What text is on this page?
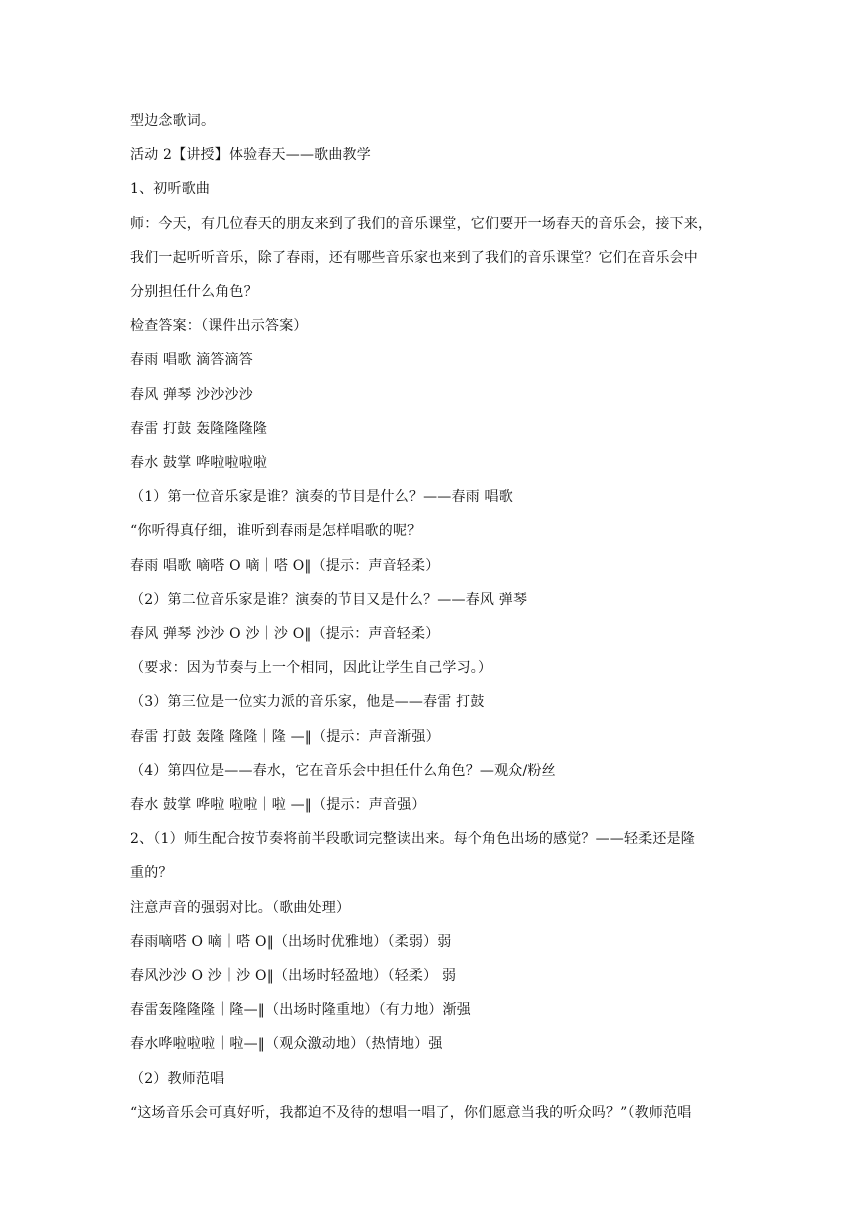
型边念歌词。
活动 2【讲授】体验春天——歌曲教学
1、初听歌曲
师：今天，有几位春天的朋友来到了我们的音乐课堂，它们要开一场春天的音乐会，接下来，
我们一起听听音乐，除了春雨，还有哪些音乐家也来到了我们的音乐课堂？它们在音乐会中
分别担任什么角色？
检查答案：（课件出示答案）
春雨 唱歌 滴答滴答
春风 弹琴 沙沙沙沙
春雷 打鼓 轰隆隆隆隆
春水 鼓掌 哗啦啦啦啦
（1）第一位音乐家是谁？演奏的节目是什么？——春雨 唱歌
“你听得真仔细，谁听到春雨是怎样唱歌的呢？
春雨 唱歌 嘀嗒 O 嘀｜嗒 O‖（提示：声音轻柔）
（2）第二位音乐家是谁？演奏的节目又是什么？——春风 弹琴
春风 弹琴 沙沙 O 沙｜沙 O‖（提示：声音轻柔）
（要求：因为节奏与上一个相同，因此让学生自己学习。）
（3）第三位是一位实力派的音乐家，他是——春雷 打鼓
春雷 打鼓 轰隆 隆隆｜隆 —‖（提示：声音渐强）
（4）第四位是——春水，它在音乐会中担任什么角色？—观众/粉丝
春水 鼓掌 哗啦 啦啦｜啦 —‖（提示：声音强）
2、（1）师生配合按节奏将前半段歌词完整读出来。每个角色出场的感觉？——轻柔还是隆
重的？
注意声音的强弱对比。（歌曲处理）
春雨嘀嗒 O 嘀｜嗒 O‖（出场时优雅地）（柔弱）弱
春风沙沙 O 沙｜沙 O‖（出场时轻盈地）（轻柔） 弱
春雷轰隆隆隆｜隆—‖（出场时隆重地）（有力地）渐强
春水哗啦啦啦｜啦—‖（观众激动地）（热情地）强
（2）教师范唱
“这场音乐会可真好听，我都迫不及待的想唱一唱了，你们愿意当我的听众吗？”（教师范唱
